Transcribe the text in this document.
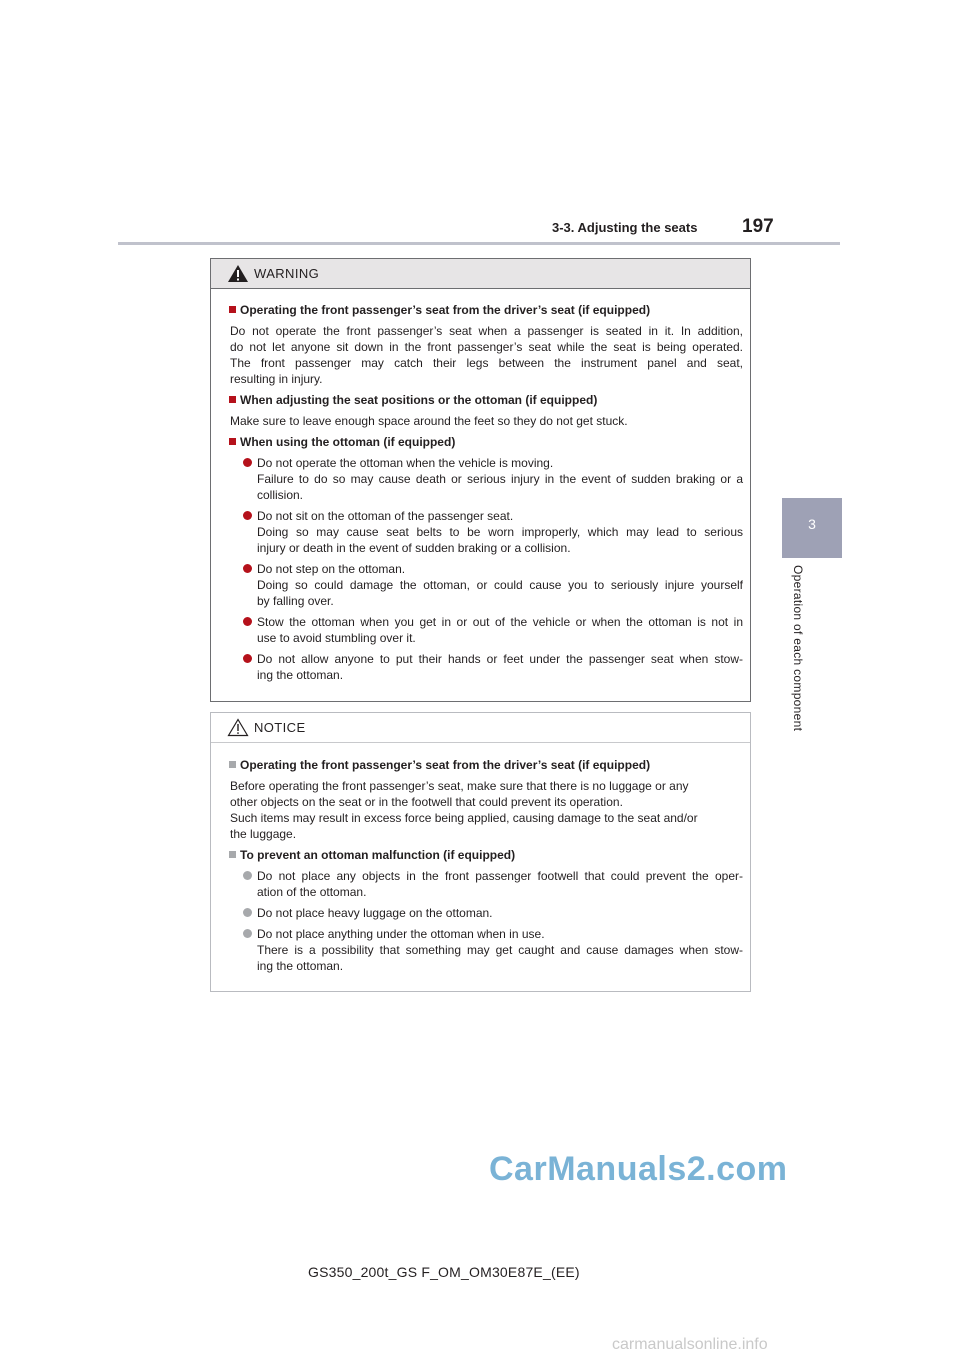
3-3. Adjusting the seats 197
3
Operation of each component
WARNING
Operating the front passenger’s seat from the driver’s seat (if equipped)
Do not operate the front passenger’s seat when a passenger is seated in it. In addition,
do not let anyone sit down in the front passenger’s seat while the seat is being operated.
The front passenger may catch their legs between the instrument panel and seat,
resulting in injury.
When adjusting the seat positions or the ottoman (if equipped)
Make sure to leave enough space around the feet so they do not get stuck.
When using the ottoman (if equipped)
Do not operate the ottoman when the vehicle is moving.
Failure to do so may cause death or serious injury in the event of sudden braking or a
collision.
Do not sit on the ottoman of the passenger seat.
Doing so may cause seat belts to be worn improperly, which may lead to serious
injury or death in the event of sudden braking or a collision.
Do not step on the ottoman.
Doing so could damage the ottoman, or could cause you to seriously injure yourself
by falling over.
Stow the ottoman when you get in or out of the vehicle or when the ottoman is not in
use to avoid stumbling over it.
Do not allow anyone to put their hands or feet under the passenger seat when stow-
ing the ottoman.
NOTICE
Operating the front passenger’s seat from the driver’s seat (if equipped)
Before operating the front passenger’s seat, make sure that there is no luggage or any
other objects on the seat or in the footwell that could prevent its operation.
Such items may result in excess force being applied, causing damage to the seat and/or
the luggage.
To prevent an ottoman malfunction (if equipped)
Do not place any objects in the front passenger footwell that could prevent the oper-
ation of the ottoman.
Do not place heavy luggage on the ottoman.
Do not place anything under the ottoman when in use.
There is a possibility that something may get caught and cause damages when stow-
ing the ottoman.
CarManuals2.com
GS350_200t_GS F_OM_OM30E87E_(EE)
carmanualsonline.info
